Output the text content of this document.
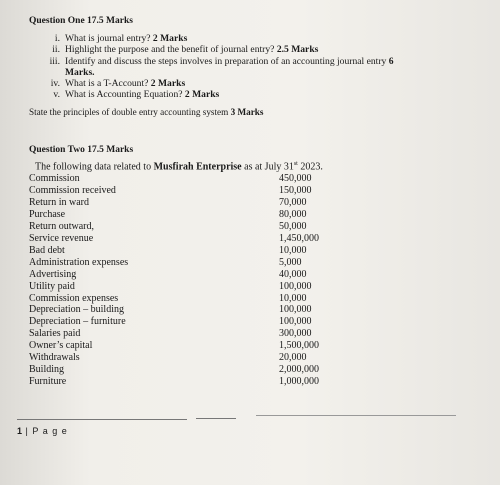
Question One 17.5 Marks
i. What is journal entry? 2 Marks
ii. Highlight the purpose and the benefit of journal entry? 2.5 Marks
iii. Identify and discuss the steps involves in preparation of an accounting journal entry 6 Marks.
iv. What is a T-Account? 2 Marks
v. What is Accounting Equation? 2 Marks
State the principles of double entry accounting system 3 Marks
Question Two 17.5 Marks
The following data related to Musfirah Enterprise as at July 31st 2023.
Commission	450,000
Commission received	150,000
Return in ward	70,000
Purchase	80,000
Return outward,	50,000
Service revenue	1,450,000
Bad debt	10,000
Administration expenses	5,000
Advertising	40,000
Utility paid	100,000
Commission expenses	10,000
Depreciation – building	100,000
Depreciation – furniture	100,000
Salaries paid	300,000
Owner’s capital	1,500,000
Withdrawals	20,000
Building	2,000,000
Furniture	1,000,000
1 | P a g e
